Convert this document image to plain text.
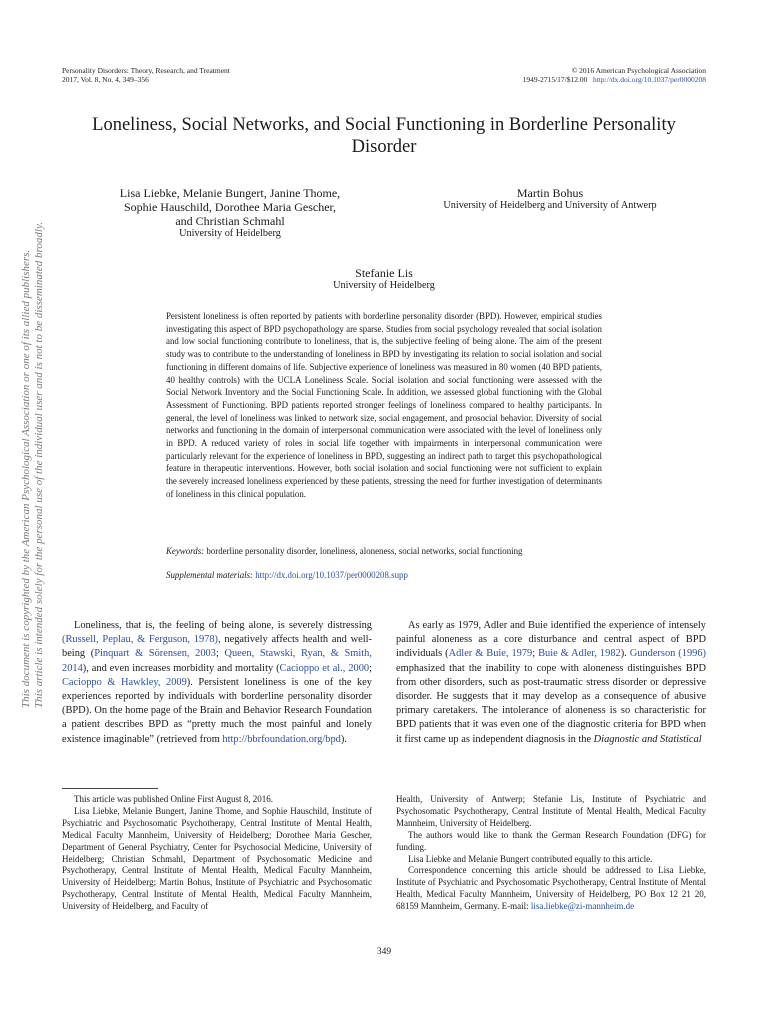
This document is copyrighted by the American Psychological Association or one of its allied publishers. This article is intended solely for the personal use of the individual user and is not to be disseminated broadly.
Personality Disorders: Theory, Research, and Treatment
2017, Vol. 8, No. 4, 349–356
© 2016 American Psychological Association
1949-2715/17/$12.00 http://dx.doi.org/10.1037/per0000208
Loneliness, Social Networks, and Social Functioning in Borderline Personality Disorder
Lisa Liebke, Melanie Bungert, Janine Thome,
Sophie Hauschild, Dorothee Maria Gescher,
and Christian Schmahl
University of Heidelberg
Martin Bohus
University of Heidelberg and University of Antwerp
Stefanie Lis
University of Heidelberg

Persistent loneliness is often reported by patients with borderline personality disorder (BPD). However, empirical studies investigating this aspect of BPD psychopathology are sparse. Studies from social psychology revealed that social isolation and low social functioning contribute to loneliness, that is, the subjective feeling of being alone. The aim of the present study was to contribute to the understanding of loneliness in BPD by investigating its relation to social isolation and social functioning in different domains of life. Subjective experience of loneliness was measured in 80 women (40 BPD patients, 40 healthy controls) with the UCLA Loneliness Scale. Social isolation and social functioning were assessed with the Social Network Inventory and the Social Functioning Scale. In addition, we assessed global functioning with the Global Assessment of Functioning. BPD patients reported stronger feelings of loneliness compared to healthy participants. In general, the level of loneliness was linked to network size, social engagement, and prosocial behavior. Diversity of social networks and functioning in the domain of interpersonal communication were associated with the level of loneliness only in BPD. A reduced variety of roles in social life together with impairments in interpersonal communication were particularly relevant for the experience of loneliness in BPD, suggesting an indirect path to target this psychopathological feature in therapeutic interventions. However, both social isolation and social functioning were not sufficient to explain the severely increased loneliness experienced by these patients, stressing the need for further investigation of determinants of loneliness in this clinical population.

Keywords: borderline personality disorder, loneliness, aloneness, social networks, social functioning
Supplemental materials: http://dx.doi.org/10.1037/per0000208.supp

Loneliness, that is, the feeling of being alone, is severely distressing (Russell, Peplau, & Ferguson, 1978), negatively affects health and well-being (Pinquart & Sörensen, 2003; Queen, Stawski, Ryan, & Smith, 2014), and even increases morbidity and mortality (Cacioppo et al., 2000; Cacioppo & Hawkley, 2009). Persistent loneliness is one of the key experiences reported by individuals with borderline personality disorder (BPD). On the home page of the Brain and Behavior Research Foundation a patient describes BPD as “pretty much the most painful and lonely existence imaginable” (retrieved from http://bbrfoundation.org/bpd).

As early as 1979, Adler and Buie identified the experience of intensely painful aloneness as a core disturbance and central aspect of BPD individuals (Adler & Buie, 1979; Buie & Adler, 1982). Gunderson (1996) emphasized that the inability to cope with aloneness distinguishes BPD from other disorders, such as post-traumatic stress disorder or depressive disorder. He suggests that it may develop as a consequence of abusive primary caretakers. The intolerance of aloneness is so characteristic for BPD patients that it was even one of the diagnostic criteria for BPD when it first came up as independent diagnosis in the Diagnostic and Statistical

This article was published Online First August 8, 2016.

Lisa Liebke, Melanie Bungert, Janine Thome, and Sophie Hauschild, Institute of Psychiatric and Psychosomatic Psychotherapy, Central Institute of Mental Health, Medical Faculty Mannheim, University of Heidelberg; Dorothee Maria Gescher, Department of General Psychiatry, Center for Psychosocial Medicine, University of Heidelberg; Christian Schmahl, Department of Psychosomatic Medicine and Psychotherapy, Central Institute of Mental Health, Medical Faculty Mannheim, University of Heidelberg; Martin Bohus, Institute of Psychiatric and Psychosomatic Psychotherapy, Central Institute of Mental Health, Medical Faculty Mannheim, University of Heidelberg, and Faculty of

Health, University of Antwerp; Stefanie Lis, Institute of Psychiatric and Psychosomatic Psychotherapy, Central Institute of Mental Health, Medical Faculty Mannheim, University of Heidelberg.

The authors would like to thank the German Research Foundation (DFG) for funding.

Lisa Liebke and Melanie Bungert contributed equally to this article.

Correspondence concerning this article should be addressed to Lisa Liebke, Institute of Psychiatric and Psychosomatic Psychotherapy, Central Institute of Mental Health, Medical Faculty Mannheim, University of Heidelberg, PO Box 12 21 20, 68159 Mannheim, Germany. E-mail: lisa.liebke@zi-mannheim.de

349
